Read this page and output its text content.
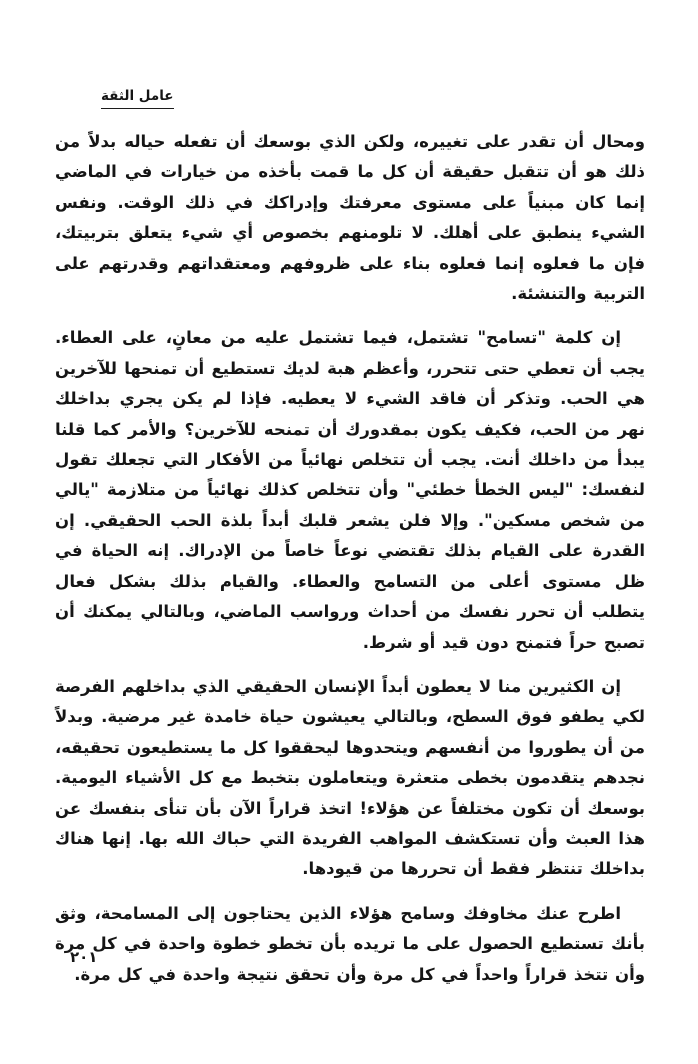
عامل الثقة

ومحال أن تقدر على تغييره، ولكن الذي بوسعك أن تفعله حياله بدلاً من ذلك هو أن تتقبل حقيقة أن كل ما قمت بأخذه من خيارات في الماضي إنما كان مبنياً على مستوى معرفتك وإدراكك في ذلك الوقت. ونفس الشيء ينطبق على أهلك. لا تلومنهم بخصوص أي شيء يتعلق بتربيتك، فإن ما فعلوه إنما فعلوه بناء على ظروفهم ومعتقداتهم وقدرتهم على التربية والتنشئة.

إن كلمة "تسامح" تشتمل، فيما تشتمل عليه من معانٍ، على العطاء. يجب أن تعطي حتى تتحرر، وأعظم هبة لديك تستطيع أن تمنحها للآخرين هي الحب. وتذكر أن فاقد الشيء لا يعطيه. فإذا لم يكن يجري بداخلك نهر من الحب، فكيف يكون بمقدورك أن تمنحه للآخرين؟ والأمر كما قلنا يبدأ من داخلك أنت. يجب أن تتخلص نهائياً من الأفكار التي تجعلك تقول لنفسك: "ليس الخطأ خطئي" وأن تتخلص كذلك نهائياً من متلازمة "يالي من شخص مسكين". وإلا فلن يشعر قلبك أبداً بلذة الحب الحقيقي. إن القدرة على القيام بذلك تقتضي نوعاً خاصاً من الإدراك. إنه الحياة في ظل مستوى أعلى من التسامح والعطاء. والقيام بذلك بشكل فعال يتطلب أن تحرر نفسك من أحداث ورواسب الماضي، وبالتالي يمكنك أن تصبح حراً فتمنح دون قيد أو شرط.

إن الكثيرين منا لا يعطون أبداً الإنسان الحقيقي الذي بداخلهم الفرصة لكي يطفو فوق السطح، وبالتالي يعيشون حياة خامدة غير مرضية. وبدلاً من أن يطوروا من أنفسهم ويتحدوها ليحققوا كل ما يستطيعون تحقيقه، نجدهم يتقدمون بخطى متعثرة ويتعاملون بتخبط مع كل الأشياء اليومية. بوسعك أن تكون مختلفاً عن هؤلاء! اتخذ قراراً الآن بأن تنأى بنفسك عن هذا العبث وأن تستكشف المواهب الفريدة التي حباك الله بها. إنها هناك بداخلك تنتظر فقط أن تحررها من قيودها.

اطرح عنك مخاوفك وسامح هؤلاء الذين يحتاجون إلى المسامحة، وثق بأنك تستطيع الحصول على ما تريده بأن تخطو خطوة واحدة في كل مرة وأن تتخذ قراراً واحداً في كل مرة وأن تحقق نتيجة واحدة في كل مرة.

٢٠١
